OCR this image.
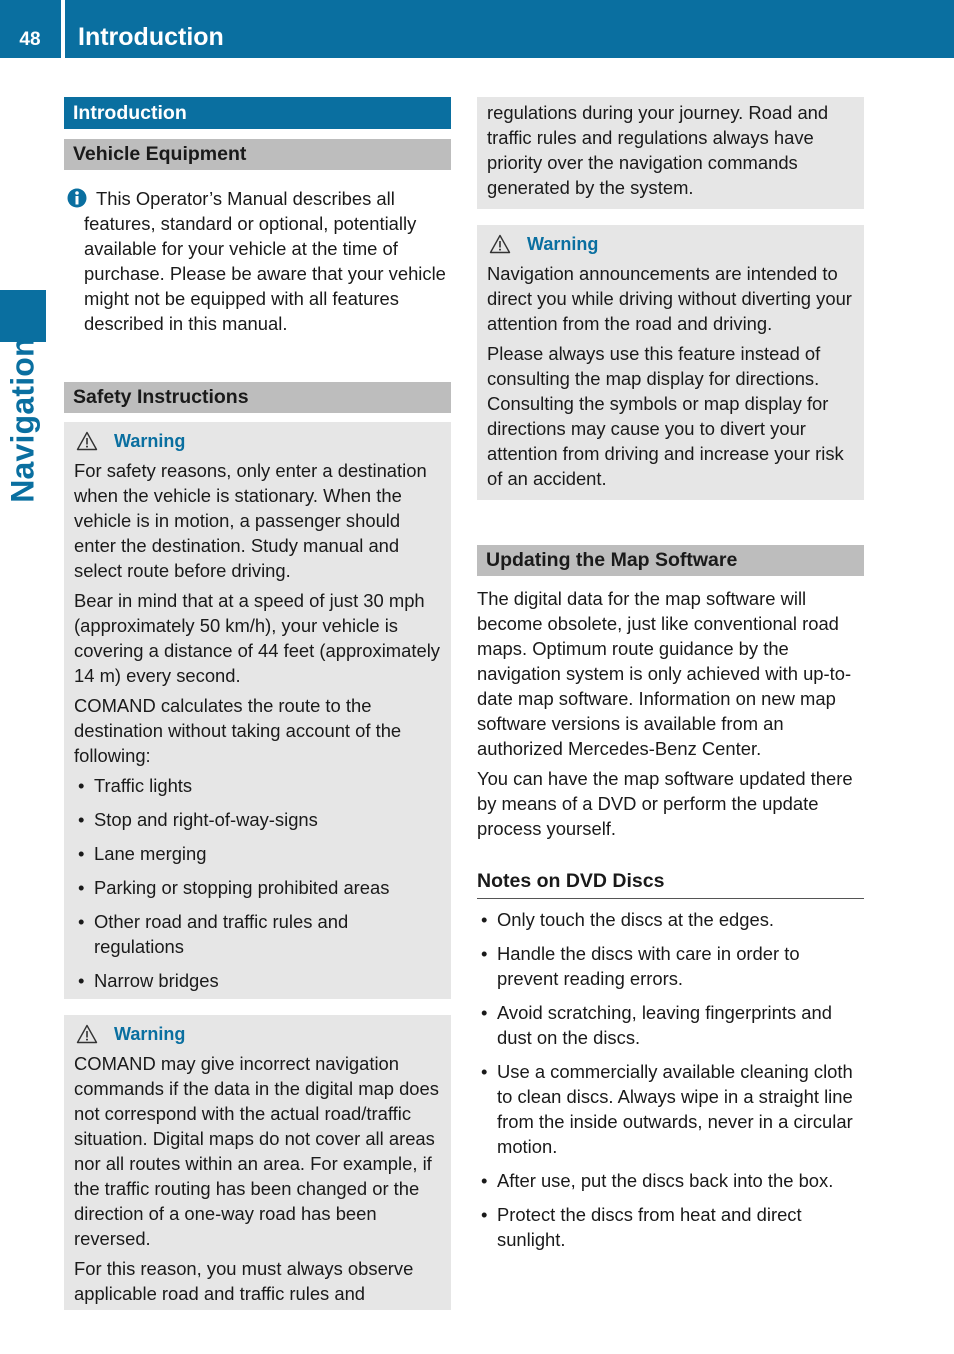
48	Introduction
Navigation
Introduction
Vehicle Equipment

This Operator’s Manual describes all features, standard or optional, potentially available for your vehicle at the time of purchase. Please be aware that your vehicle might not be equipped with all features described in this manual.

Safety Instructions
Warning

For safety reasons, only enter a destination when the vehicle is stationary. When the vehicle is in motion, a passenger should enter the destination. Study manual and select route before driving.

Bear in mind that at a speed of just 30 mph (approximately 50 km/h), your vehicle is covering a distance of 44 feet (approximately 14 m) every second.

COMAND calculates the route to the destination without taking account of the following:

• Traffic lights
• Stop and right-of-way-signs
• Lane merging
• Parking or stopping prohibited areas
• Other road and traffic rules and regulations
• Narrow bridges
Warning

COMAND may give incorrect navigation commands if the data in the digital map does not correspond with the actual road/traffic situation. Digital maps do not cover all areas nor all routes within an area. For example, if the traffic routing has been changed or the direction of a one-way road has been reversed.

For this reason, you must always observe applicable road and traffic rules and

regulations during your journey. Road and traffic rules and regulations always have priority over the navigation commands generated by the system.

Warning

Navigation announcements are intended to direct you while driving without diverting your attention from the road and driving.

Please always use this feature instead of consulting the map display for directions. Consulting the symbols or map display for directions may cause you to divert your attention from driving and increase your risk of an accident.

Updating the Map Software

The digital data for the map software will become obsolete, just like conventional road maps. Optimum route guidance by the navigation system is only achieved with up-to-date map software. Information on new map software versions is available from an authorized Mercedes-Benz Center.

You can have the map software updated there by means of a DVD or perform the update process yourself.

Notes on DVD Discs
• Only touch the discs at the edges.
• Handle the discs with care in order to prevent reading errors.
• Avoid scratching, leaving fingerprints and dust on the discs.
• Use a commercially available cleaning cloth to clean discs. Always wipe in a straight line from the inside outwards, never in a circular motion.
• After use, put the discs back into the box.
• Protect the discs from heat and direct sunlight.
